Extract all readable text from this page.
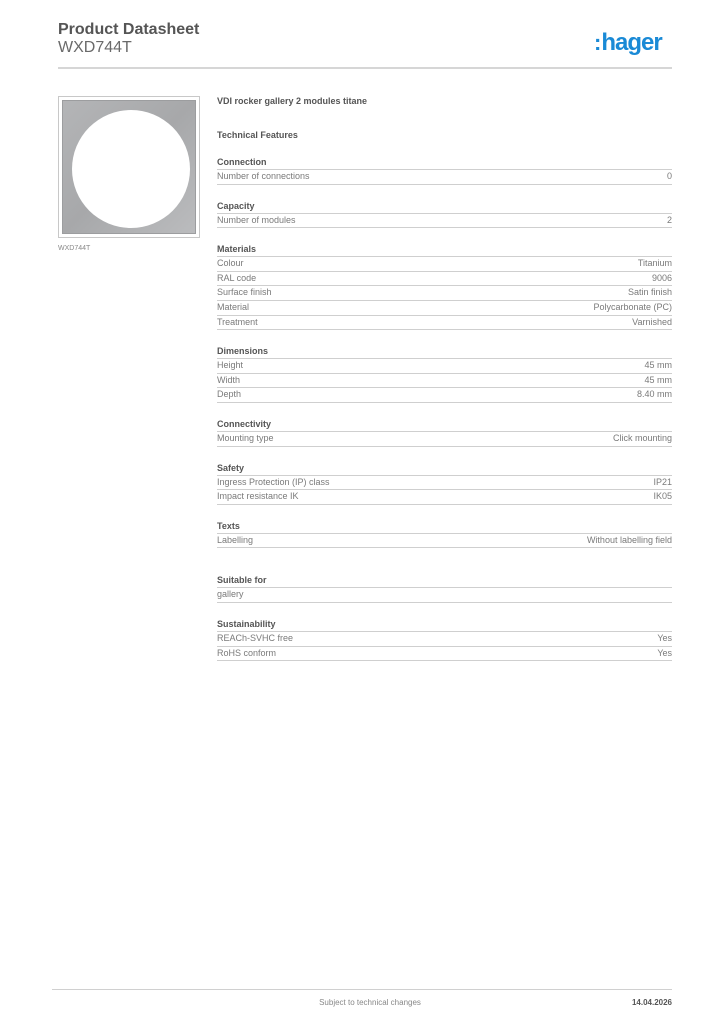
Product Datasheet
WXD744T	:hager
WXD744T
VDI rocker gallery 2 modules titane
Technical Features
Connection
Number of connections	0
Capacity
Number of modules	2
Materials
Colour	Titanium
RAL code	9006
Surface finish	Satin finish
Material	Polycarbonate (PC)
Treatment	Varnished
Dimensions
Height	45 mm
Width	45 mm
Depth	8.40 mm
Connectivity
Mounting type	Click mounting
Safety
Ingress Protection (IP) class	IP21
Impact resistance IK	IK05
Texts
Labelling	Without labelling field
Suitable for
gallery
Sustainability
REACh-SVHC free	Yes
RoHS conform	Yes
Subject to technical changes	14.04.2026
